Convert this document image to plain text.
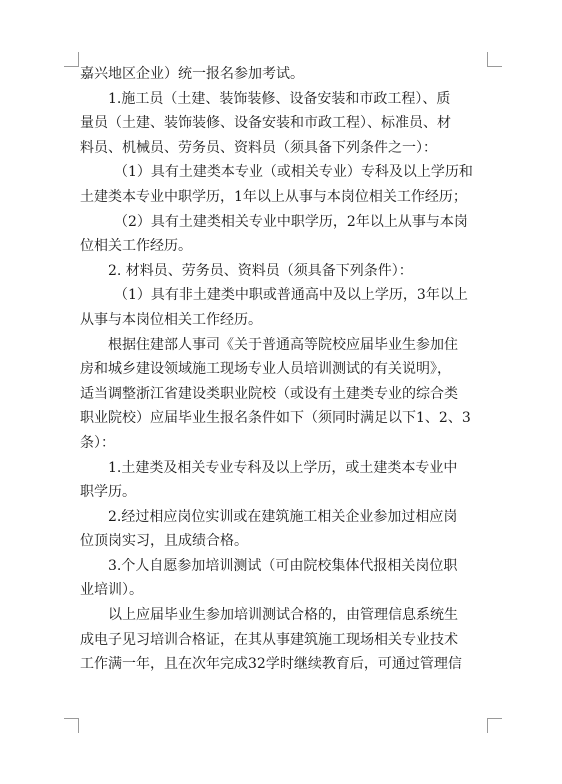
嘉兴地区企业）统一报名参加考试。
1.施工员（土建、装饰装修、设备安装和市政工程）、质
量员（土建、装饰装修、设备安装和市政工程）、标准员、材
料员、机械员、劳务员、资料员（须具备下列条件之一）：
（1）具有土建类本专业（或相关专业）专科及以上学历和
土建类本专业中职学历，1年以上从事与本岗位相关工作经历；
（2）具有土建类相关专业中职学历，2年以上从事与本岗
位相关工作经历。
2. 材料员、劳务员、资料员（须具备下列条件）：
（1）具有非土建类中职或普通高中及以上学历，3年以上
从事与本岗位相关工作经历。
根据住建部人事司《关于普通高等院校应届毕业生参加住
房和城乡建设领域施工现场专业人员培训测试的有关说明》，
适当调整浙江省建设类职业院校（或设有土建类专业的综合类
职业院校）应届毕业生报名条件如下（须同时满足以下1、2、3
条）：
1.土建类及相关专业专科及以上学历，或土建类本专业中
职学历。
2.经过相应岗位实训或在建筑施工相关企业参加过相应岗
位顶岗实习，且成绩合格。
3.个人自愿参加培训测试（可由院校集体代报相关岗位职
业培训）。
以上应届毕业生参加培训测试合格的，由管理信息系统生
成电子见习培训合格证，在其从事建筑施工现场相关专业技术
工作满一年，且在次年完成32学时继续教育后，可通过管理信
